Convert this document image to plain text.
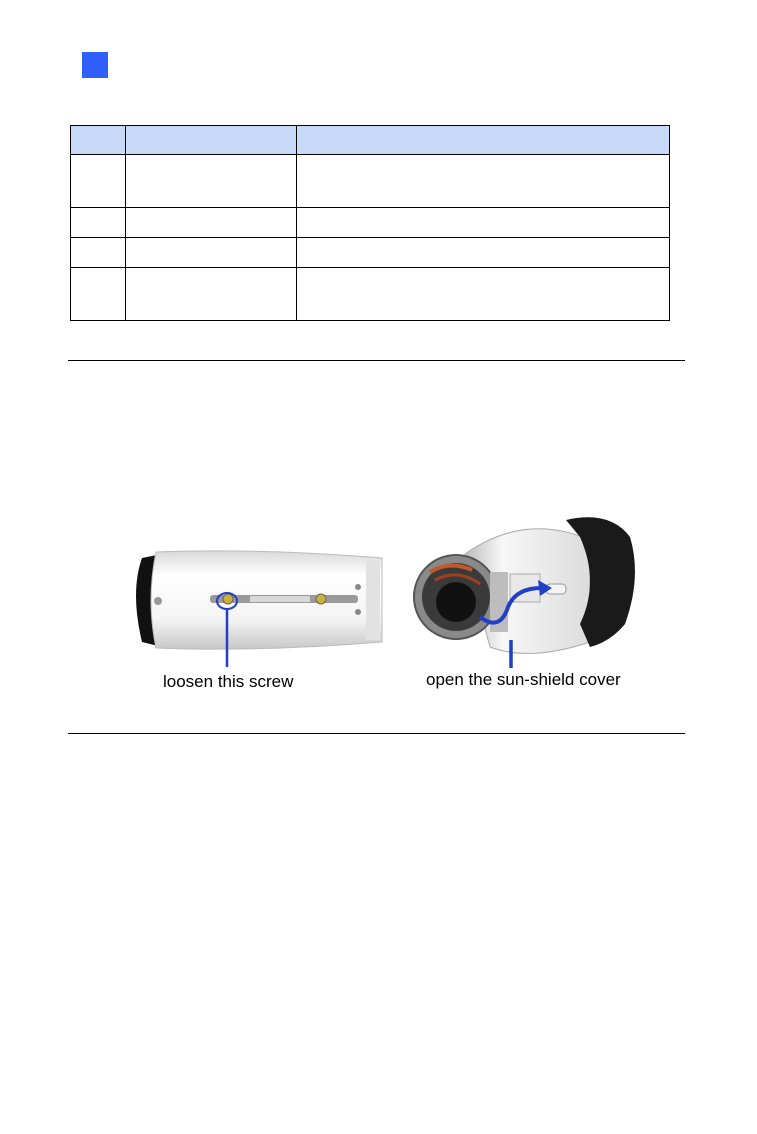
loosen this screw	open the sun-shield cover
